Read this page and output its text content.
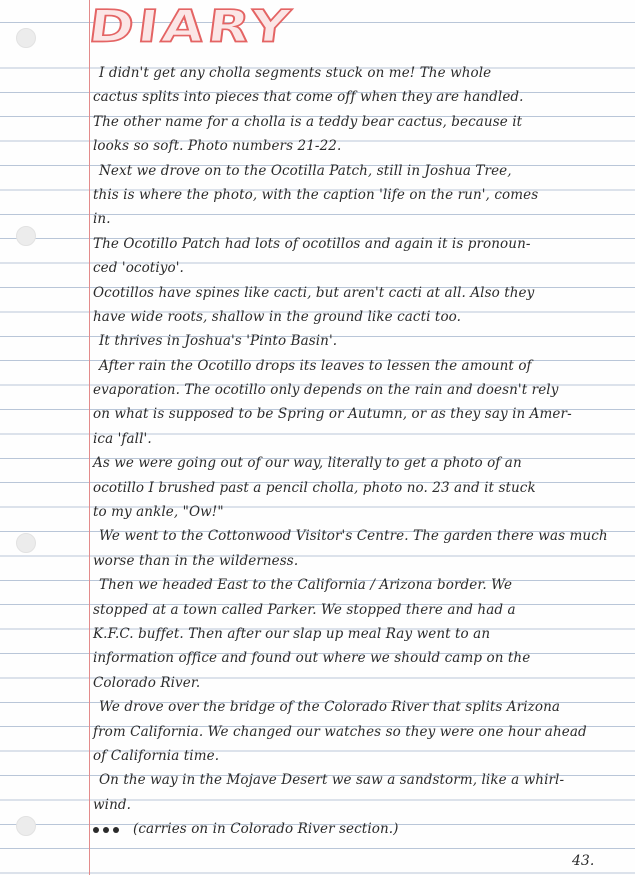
DIARY
I didn't get any cholla segments stuck on me! The whole
cactus splits into pieces that come off when they are handled.
The other name for a cholla is a teddy bear cactus, because it
looks so soft. Photo numbers 21-22.
Next we drove on to the Ocotilla Patch, still in Joshua Tree,
this is where the photo, with the caption 'life on the run', comes
in.
The Ocotillo Patch had lots of ocotillos and again it is pronoun-
ced 'ocotiyo'.
Ocotillos have spines like cacti, but aren't cacti at all. Also they
have wide roots, shallow in the ground like cacti too.
It thrives in Joshua's 'Pinto Basin'.
After rain the Ocotillo drops its leaves to lessen the amount of
evaporation. The ocotillo only depends on the rain and doesn't rely
on what is supposed to be Spring or Autumn, or as they say in Amer-
ica 'fall'.
As we were going out of our way, literally to get a photo of an
ocotillo I brushed past a pencil cholla, photo no. 23 and it stuck
to my ankle, "Ow!"
We went to the Cottonwood Visitor's Centre. The garden there was much
worse than in the wilderness.
Then we headed East to the California / Arizona border. We
stopped at a town called Parker. We stopped there and had a
K.F.C. buffet. Then after our slap up meal Ray went to an
information office and found out where we should camp on the
Colorado River.
We drove over the bridge of the Colorado River that splits Arizona
from California. We changed our watches so they were one hour ahead
of California time.
On the way in the Mojave Desert we saw a sandstorm, like a whirl-
wind.
(carries on in Colorado River section.)
43.
